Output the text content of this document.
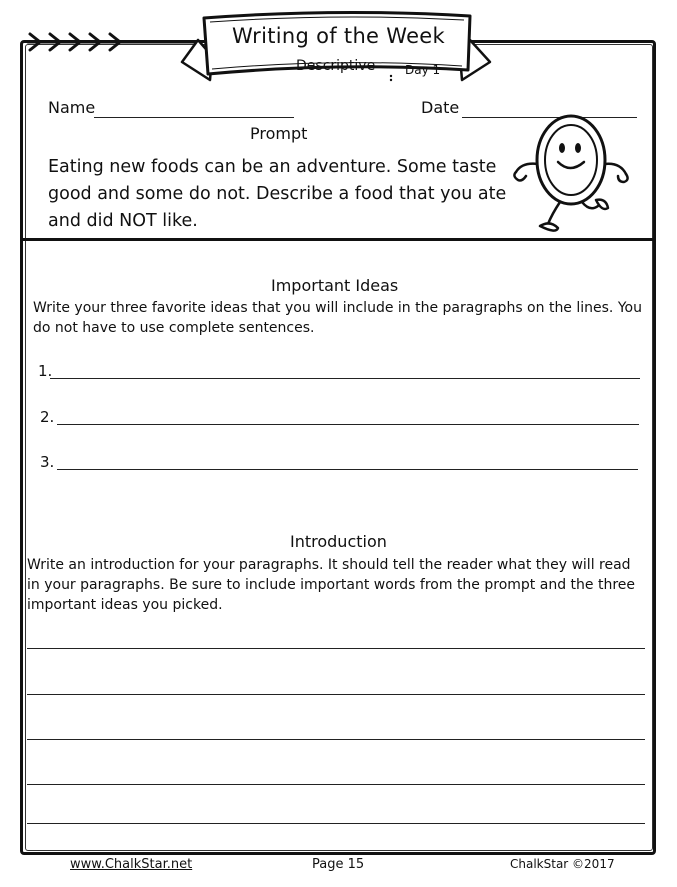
Writing of the Week
Descriptive Day 1
Name	Date
Prompt
Eating new foods can be an adventure. Some taste good and some do not. Describe a food that you ate and did NOT like.
Important Ideas
Write your three favorite ideas that you will include in the paragraphs on the lines. You do not have to use complete sentences.
1.
2.
3.
Introduction
Write an introduction for your paragraphs. It should tell the reader what they will read in your paragraphs. Be sure to include important words from the prompt and the three important ideas you picked.
www.ChalkStar.net	Page 15	ChalkStar ©2017
